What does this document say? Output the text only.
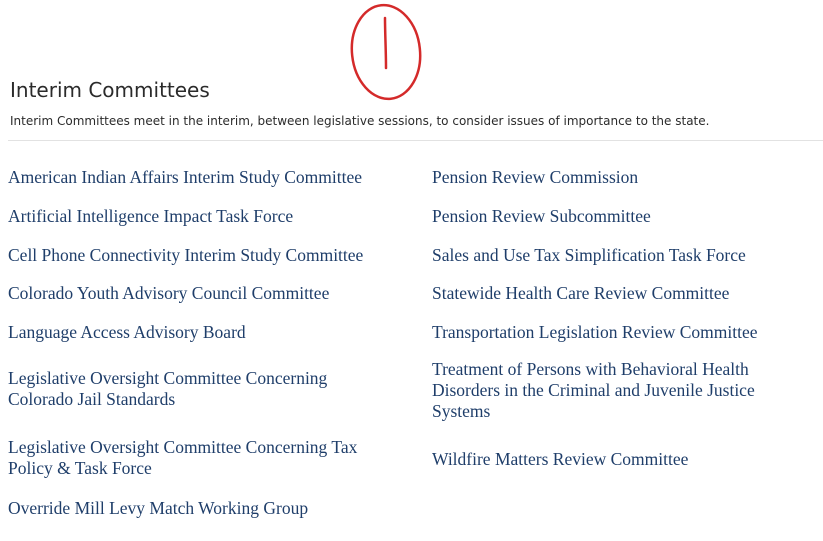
Interim Committees

Interim Committees meet in the interim, between legislative sessions, to consider issues of importance to the state.

American Indian Affairs Interim Study Committee
Artificial Intelligence Impact Task Force
Cell Phone Connectivity Interim Study Committee
Colorado Youth Advisory Council Committee
Language Access Advisory Board
Legislative Oversight Committee Concerning Colorado Jail Standards
Legislative Oversight Committee Concerning Tax Policy & Task Force
Override Mill Levy Match Working Group
Pension Review Commission
Pension Review Subcommittee
Sales and Use Tax Simplification Task Force
Statewide Health Care Review Committee
Transportation Legislation Review Committee
Treatment of Persons with Behavioral Health Disorders in the Criminal and Juvenile Justice Systems
Wildfire Matters Review Committee
